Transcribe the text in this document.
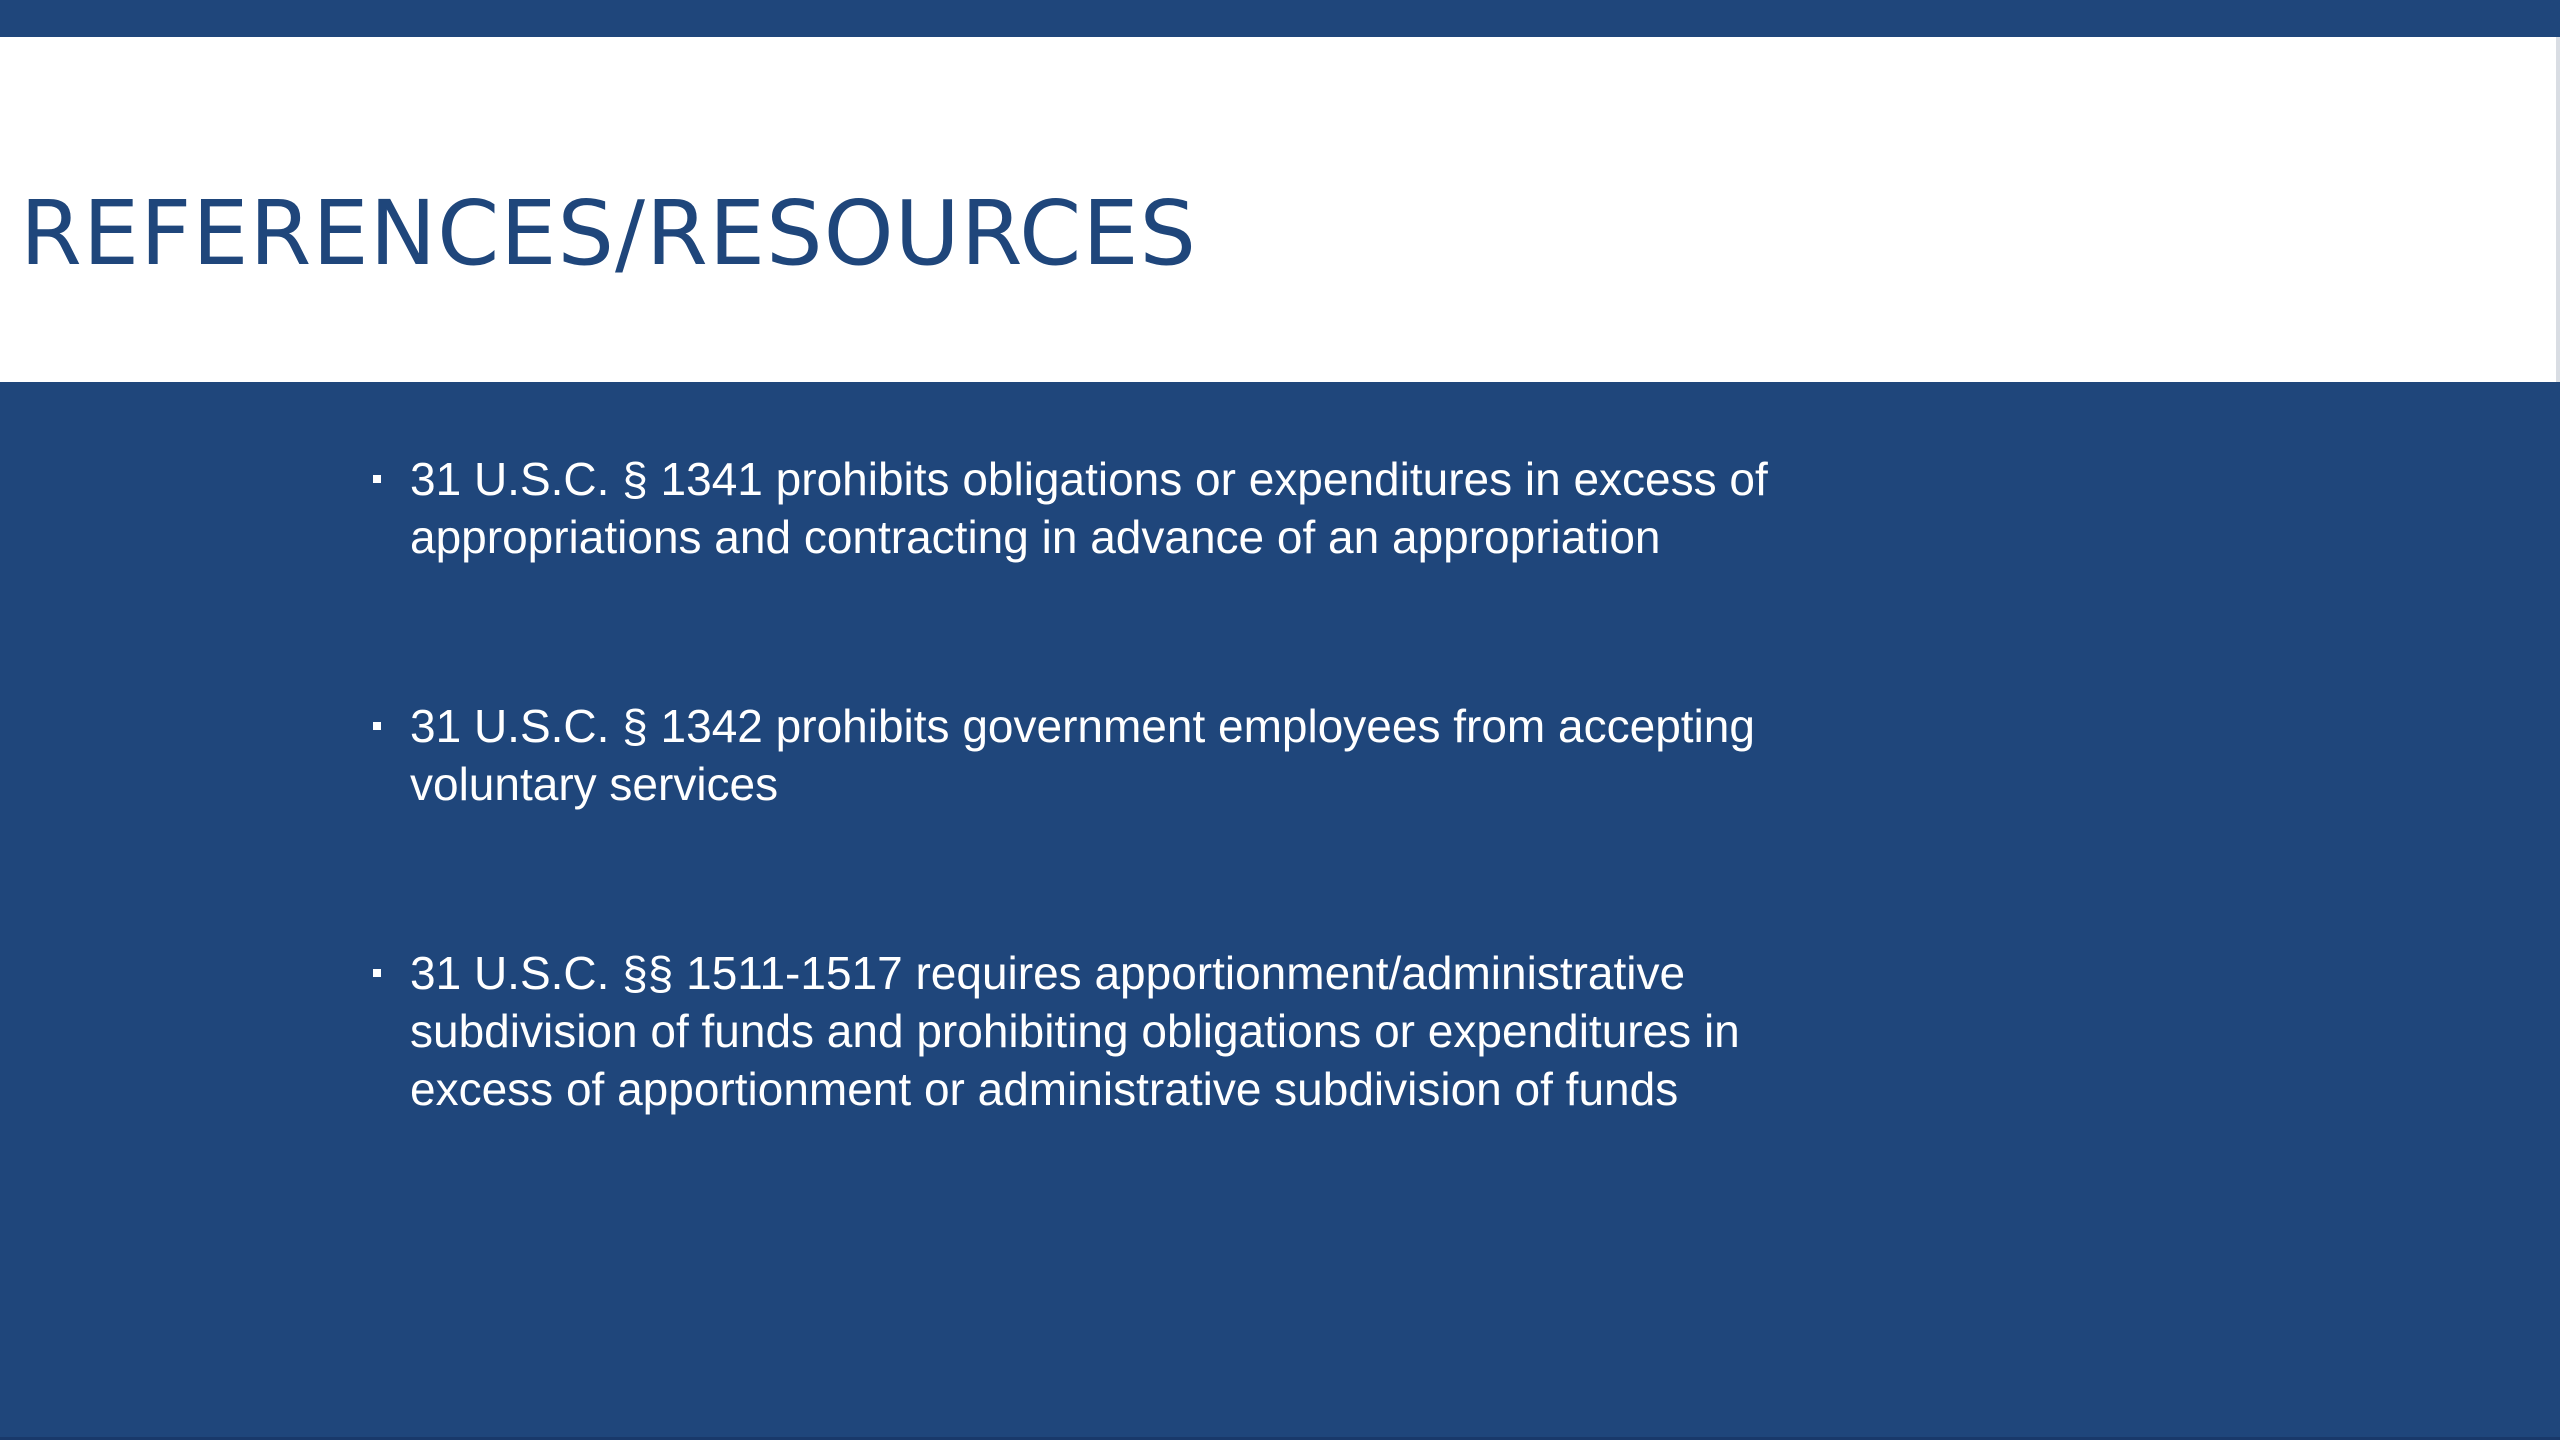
REFERENCES/RESOURCES
31 U.S.C. § 1341 prohibits obligations or expenditures in excess of appropriations and contracting in advance of an appropriation
31 U.S.C. § 1342 prohibits government employees from accepting voluntary services
31 U.S.C. §§ 1511-1517 requires apportionment/administrative subdivision of funds and prohibiting obligations or expenditures in excess of apportionment or administrative subdivision of funds
